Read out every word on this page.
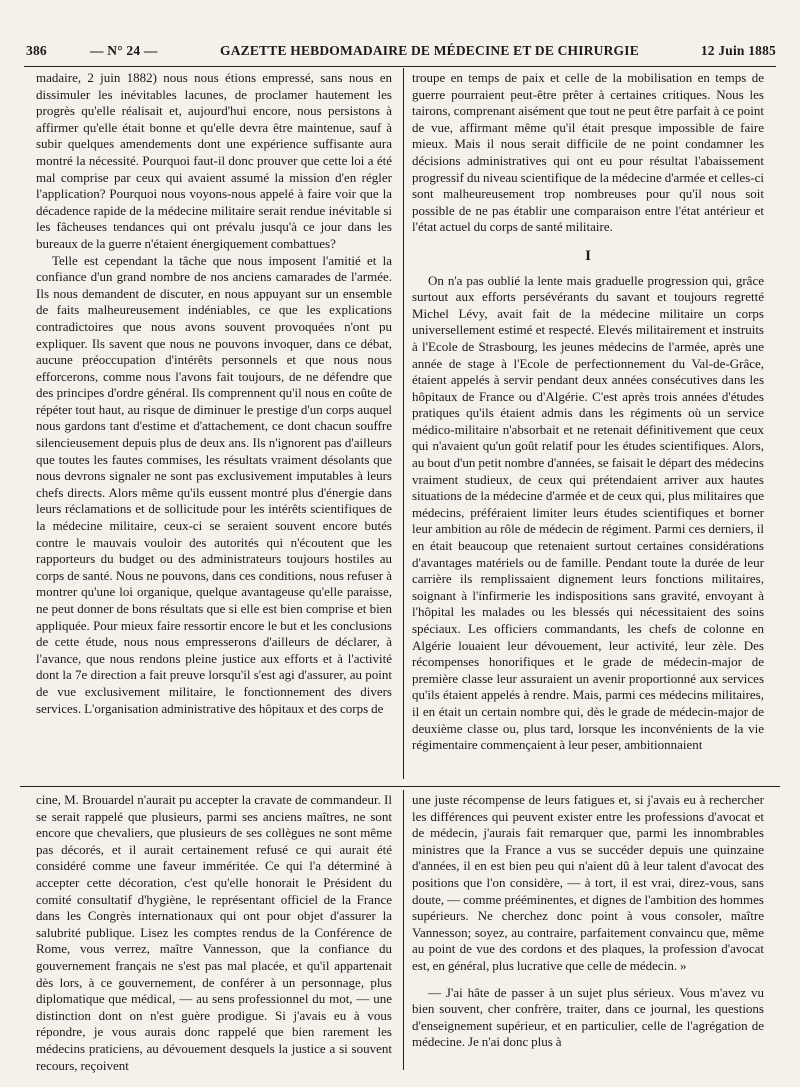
386	— N° 24 —	GAZETTE HEBDOMADAIRE DE MÉDECINE ET DE CHIRURGIE	12 Juin 1885

madaire, 2 juin 1882) nous nous étions empressé, sans nous en dissimuler les inévitables lacunes, de proclamer hautement les progrès qu'elle réalisait et, aujourd'hui encore, nous persistons à affirmer qu'elle était bonne et qu'elle devra être maintenue, sauf à subir quelques amendements dont une expérience suffisante aura montré la nécessité. Pourquoi faut-il donc prouver que cette loi a été mal comprise par ceux qui avaient assumé la mission d'en régler l'application? Pourquoi nous voyons-nous appelé à faire voir que la décadence rapide de la médecine militaire serait rendue inévitable si les fâcheuses tendances qui ont prévalu jusqu'à ce jour dans les bureaux de la guerre n'étaient énergiquement combattues?

Telle est cependant la tâche que nous imposent l'amitié et la confiance d'un grand nombre de nos anciens camarades de l'armée. Ils nous demandent de discuter, en nous appuyant sur un ensemble de faits malheureusement indéniables, ce que les explications contradictoires que nous avons souvent provoquées n'ont pu expliquer. Ils savent que nous ne pouvons invoquer, dans ce débat, aucune préoccupation d'intérêts personnels et que nous nous efforcerons, comme nous l'avons fait toujours, de ne défendre que des principes d'ordre général. Ils comprennent qu'il nous en coûte de répéter tout haut, au risque de diminuer le prestige d'un corps auquel nous gardons tant d'estime et d'attachement, ce dont chacun souffre silencieusement depuis plus de deux ans. Ils n'ignorent pas d'ailleurs que toutes les fautes commises, les résultats vraiment désolants que nous devrons signaler ne sont pas exclusivement imputables à leurs chefs directs. Alors même qu'ils eussent montré plus d'énergie dans leurs réclamations et de sollicitude pour les intérêts scientifiques de la médecine militaire, ceux-ci se seraient souvent encore butés contre le mauvais vouloir des autorités qui n'écoutent que les rapporteurs du budget ou des administrateurs toujours hostiles au corps de santé. Nous ne pouvons, dans ces conditions, nous refuser à montrer qu'une loi organique, quelque avantageuse qu'elle paraisse, ne peut donner de bons résultats que si elle est bien comprise et bien appliquée. Pour mieux faire ressortir encore le but et les conclusions de cette étude, nous nous empresserons d'ailleurs de déclarer, à l'avance, que nous rendons pleine justice aux efforts et à l'activité dont la 7e direction a fait preuve lorsqu'il s'est agi d'assurer, au point de vue exclusivement militaire, le fonctionnement des divers services. L'organisation administrative des hôpitaux et des corps de

troupe en temps de paix et celle de la mobilisation en temps de guerre pourraient peut-être prêter à certaines critiques. Nous les tairons, comprenant aisément que tout ne peut être parfait à ce point de vue, affirmant même qu'il était presque impossible de faire mieux. Mais il nous serait difficile de ne point condamner les décisions administratives qui ont eu pour résultat l'abaissement progressif du niveau scientifique de la médecine d'armée et celles-ci sont malheureusement trop nombreuses pour qu'il nous soit possible de ne pas établir une comparaison entre l'état antérieur et l'état actuel du corps de santé militaire.

I

On n'a pas oublié la lente mais graduelle progression qui, grâce surtout aux efforts persévérants du savant et toujours regretté Michel Lévy, avait fait de la médecine militaire un corps universellement estimé et respecté. Elevés militairement et instruits à l'Ecole de Strasbourg, les jeunes médecins de l'armée, après une année de stage à l'Ecole de perfectionnement du Val-de-Grâce, étaient appelés à servir pendant deux années consécutives dans les hôpitaux de France ou d'Algérie. C'est après trois années d'études pratiques qu'ils étaient admis dans les régiments où un service médico-militaire n'absorbait et ne retenait définitivement que ceux qui n'avaient qu'un goût relatif pour les études scientifiques. Alors, au bout d'un petit nombre d'années, se faisait le départ des médecins vraiment studieux, de ceux qui prétendaient arriver aux hautes situations de la médecine d'armée et de ceux qui, plus militaires que médecins, préféraient limiter leurs études scientifiques et borner leur ambition au rôle de médecin de régiment. Parmi ces derniers, il en était beaucoup que retenaient surtout certaines considérations d'avantages matériels ou de famille. Pendant toute la durée de leur carrière ils remplissaient dignement leurs fonctions militaires, soignant à l'infirmerie les indispositions sans gravité, envoyant à l'hôpital les malades ou les blessés qui nécessitaient des soins spéciaux. Les officiers commandants, les chefs de colonne en Algérie louaient leur dévouement, leur activité, leur zèle. Des récompenses honorifiques et le grade de médecin-major de première classe leur assuraient un avenir proportionné aux services qu'ils étaient appelés à rendre. Mais, parmi ces médecins militaires, il en était un certain nombre qui, dès le grade de médecin-major de deuxième classe ou, plus tard, lorsque les inconvénients de la vie régimentaire commençaient à leur peser, ambitionnaient

cine, M. Brouardel n'aurait pu accepter la cravate de commandeur. Il se serait rappelé que plusieurs, parmi ses anciens maîtres, ne sont encore que chevaliers, que plusieurs de ses collègues ne sont même pas décorés, et il aurait certainement refusé ce qui aurait été considéré comme une faveur imméritée. Ce qui l'a déterminé à accepter cette décoration, c'est qu'elle honorait le Président du comité consultatif d'hygiène, le représentant officiel de la France dans les Congrès internationaux qui ont pour objet d'assurer la salubrité publique. Lisez les comptes rendus de la Conférence de Rome, vous verrez, maître Vannesson, que la confiance du gouvernement français ne s'est pas mal placée, et qu'il appartenait dès lors, à ce gouvernement, de conférer à un personnage, plus diplomatique que médical, — au sens professionnel du mot, — une distinction dont on n'est guère prodigue. Si j'avais eu à vous répondre, je vous aurais donc rappelé que bien rarement les médecins praticiens, au dévouement desquels la justice a si souvent recours, reçoivent

une juste récompense de leurs fatigues et, si j'avais eu à rechercher les différences qui peuvent exister entre les professions d'avocat et de médecin, j'aurais fait remarquer que, parmi les innombrables ministres que la France a vus se succéder depuis une quinzaine d'années, il en est bien peu qui n'aient dû à leur talent d'avocat des positions que l'on considère, — à tort, il est vrai, direz-vous, sans doute, — comme prééminentes, et dignes de l'ambition des hommes supérieurs. Ne cherchez donc point à vous consoler, maître Vannesson; soyez, au contraire, parfaitement convaincu que, même au point de vue des cordons et des plaques, la profession d'avocat est, en général, plus lucrative que celle de médecin. »

— J'ai hâte de passer à un sujet plus sérieux. Vous m'avez vu bien souvent, cher confrère, traiter, dans ce journal, les questions d'enseignement supérieur, et en particulier, celle de l'agrégation de médecine. Je n'ai donc plus à
